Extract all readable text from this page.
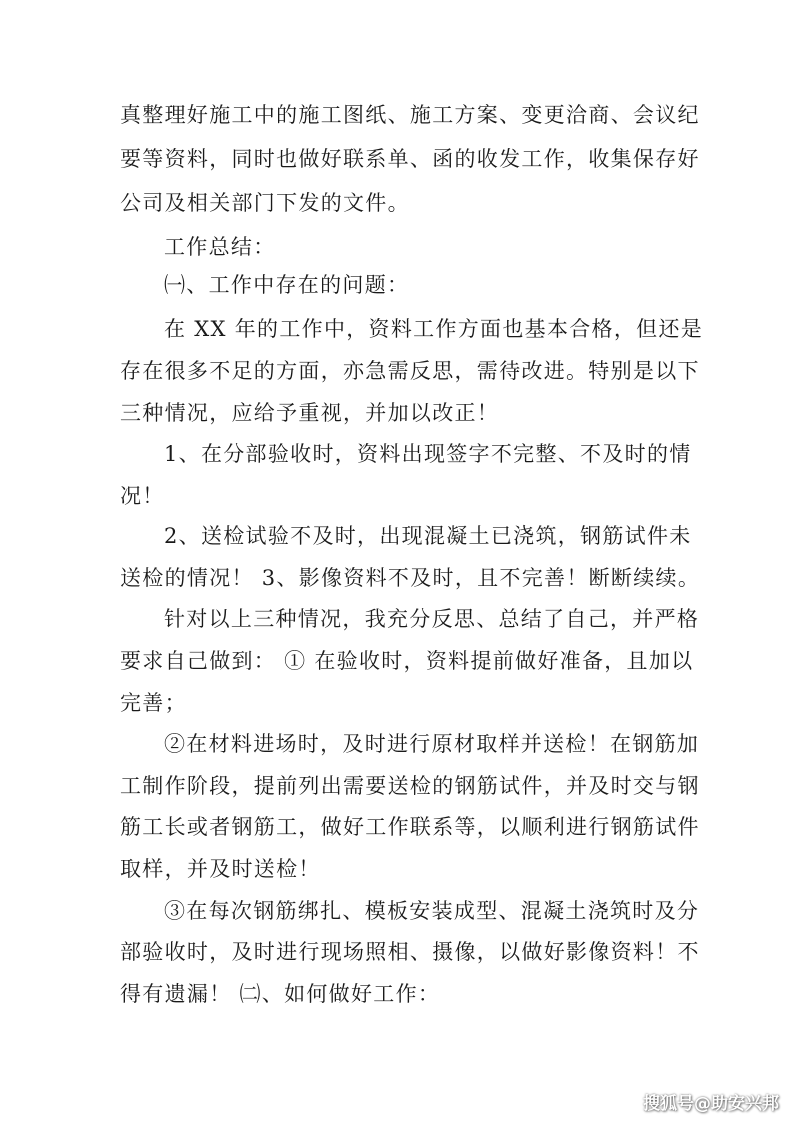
真整理好施工中的施工图纸、施工方案、变更洽商、会议纪
要等资料，同时也做好联系单、函的收发工作，收集保存好
公司及相关部门下发的文件。
工作总结：
㈠、工作中存在的问题：
在 XX 年的工作中，资料工作方面也基本合格，但还是
存在很多不足的方面，亦急需反思，需待改进。特别是以下
三种情况，应给予重视，并加以改正！
1、在分部验收时，资料出现签字不完整、不及时的情
况！
2、送检试验不及时，出现混凝土已浇筑，钢筋试件未
送检的情况！ 3、影像资料不及时，且不完善！断断续续。
针对以上三种情况，我充分反思、总结了自己，并严格
要求自己做到： ① 在验收时，资料提前做好准备，且加以
完善；
②在材料进场时，及时进行原材取样并送检！在钢筋加
工制作阶段，提前列出需要送检的钢筋试件，并及时交与钢
筋工长或者钢筋工，做好工作联系等，以顺利进行钢筋试件
取样，并及时送检！
③在每次钢筋绑扎、模板安装成型、混凝土浇筑时及分
部验收时，及时进行现场照相、摄像，以做好影像资料！不
得有遗漏！ ㈡、如何做好工作：
搜狐号@助安兴邦
